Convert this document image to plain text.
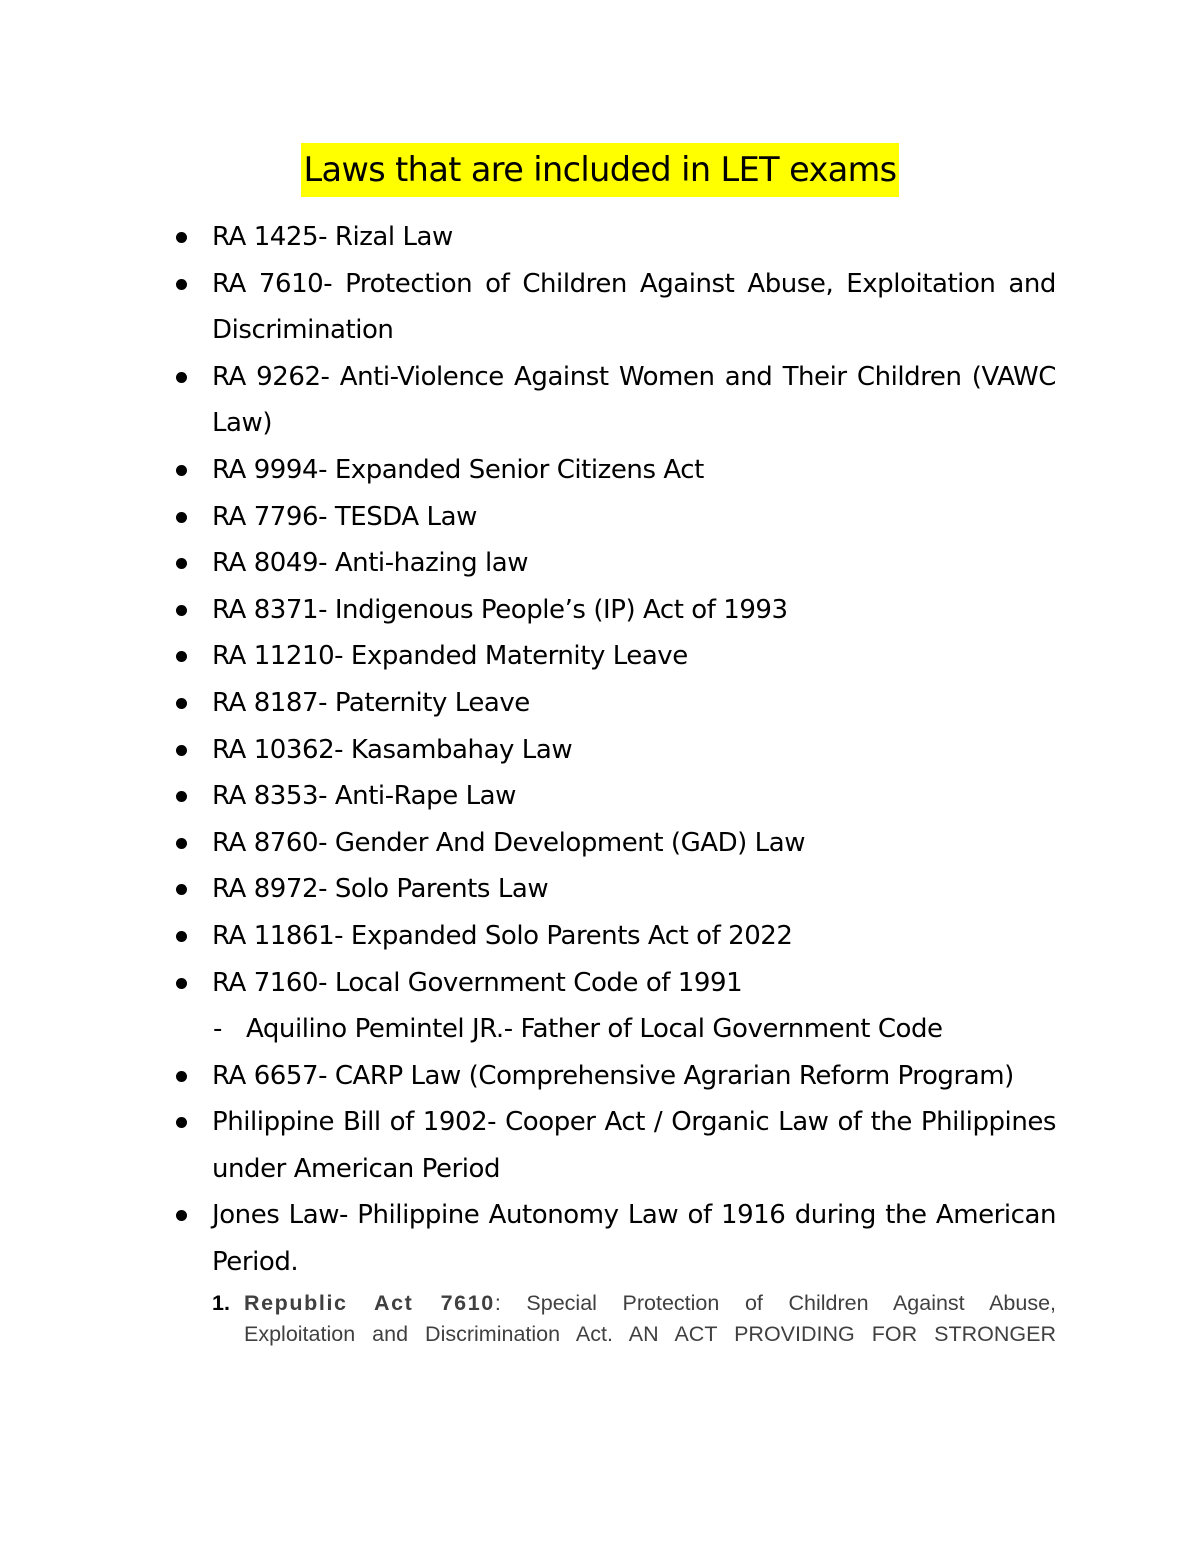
Laws that are included in LET exams
RA 1425- Rizal Law
RA 7610- Protection of Children Against Abuse, Exploitation and Discrimination
RA 9262- Anti-Violence Against Women and Their Children (VAWC Law)
RA 9994- Expanded Senior Citizens Act
RA 7796- TESDA Law
RA 8049- Anti-hazing law
RA 8371- Indigenous People’s (IP) Act of 1993
RA 11210- Expanded Maternity Leave
RA 8187- Paternity Leave
RA 10362- Kasambahay Law
RA 8353- Anti-Rape Law
RA 8760- Gender And Development (GAD) Law
RA 8972- Solo Parents Law
RA 11861- Expanded Solo Parents Act of 2022
RA 7160- Local Government Code of 1991
- Aquilino Pemintel JR.- Father of Local Government Code
RA 6657- CARP Law (Comprehensive Agrarian Reform Program)
Philippine Bill of 1902- Cooper Act / Organic Law of the Philippines under American Period
Jones Law- Philippine Autonomy Law of 1916 during the American Period.
1. Republic Act 7610: Special Protection of Children Against Abuse,
Exploitation and Discrimination Act. AN ACT PROVIDING FOR STRONGER
